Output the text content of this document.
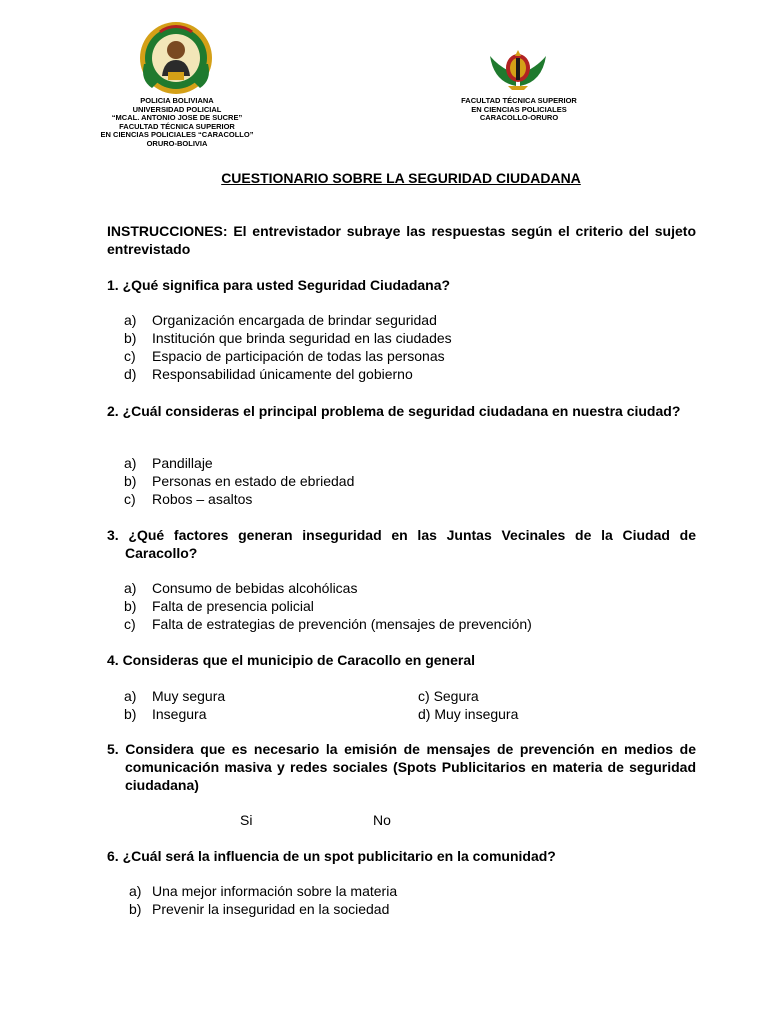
POLICIA BOLIVIANA
UNIVERSIDAD POLICIAL
“MCAL. ANTONIO JOSE DE SUCRE”
FACULTAD TÉCNICA SUPERIOR
EN CIENCIAS POLICIALES “CARACOLLO”
ORURO-BOLIVIA
FACULTAD TÉCNICA SUPERIOR
EN CIENCIAS POLICIALES
CARACOLLO-ORURO
CUESTIONARIO SOBRE LA SEGURIDAD CIUDADANA
INSTRUCCIONES: El entrevistador subraye las respuestas según el criterio del sujeto entrevistado
1. ¿Qué significa para usted Seguridad Ciudadana?
a) Organización encargada de brindar seguridad
b) Institución que brinda seguridad en las ciudades
c) Espacio de participación de todas las personas
d) Responsabilidad únicamente del gobierno
2. ¿Cuál consideras el principal problema de seguridad ciudadana en nuestra ciudad?
a) Pandillaje
b) Personas en estado de ebriedad
c) Robos – asaltos
3. ¿Qué factores generan inseguridad en las Juntas Vecinales de la Ciudad de Caracollo?
a) Consumo de bebidas alcohólicas
b) Falta de presencia policial
c) Falta de estrategias de prevención (mensajes de prevención)
4. Consideras que el municipio de Caracollo en general
a) Muy segura
b) Insegura
c) Segura
d) Muy insegura
5. Considera que es necesario la emisión de mensajes de prevención en medios de comunicación masiva y redes sociales (Spots Publicitarios en materia de seguridad ciudadana)
Si	No
6. ¿Cuál será la influencia de un spot publicitario en la comunidad?
a) Una mejor información sobre la materia
b) Prevenir la inseguridad en la sociedad
